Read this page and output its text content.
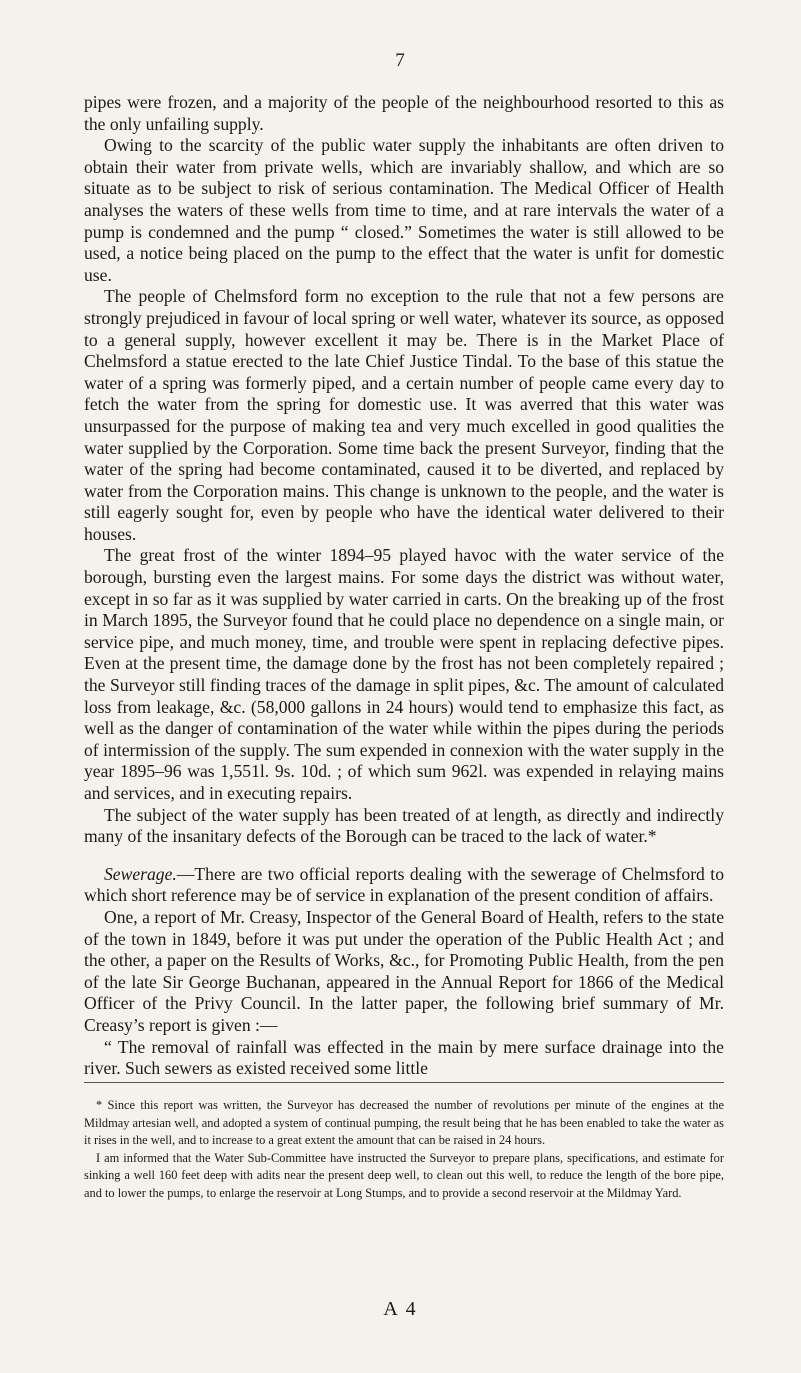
7

pipes were frozen, and a majority of the people of the neighbourhood resorted to this as the only unfailing supply.

Owing to the scarcity of the public water supply the inhabitants are often driven to obtain their water from private wells, which are invariably shallow, and which are so situate as to be subject to risk of serious contamination. The Medical Officer of Health analyses the waters of these wells from time to time, and at rare intervals the water of a pump is condemned and the pump “ closed.” Sometimes the water is still allowed to be used, a notice being placed on the pump to the effect that the water is unfit for domestic use.

The people of Chelmsford form no exception to the rule that not a few persons are strongly prejudiced in favour of local spring or well water, whatever its source, as opposed to a general supply, however excellent it may be. There is in the Market Place of Chelmsford a statue erected to the late Chief Justice Tindal. To the base of this statue the water of a spring was formerly piped, and a certain number of people came every day to fetch the water from the spring for domestic use. It was averred that this water was unsurpassed for the purpose of making tea and very much excelled in good qualities the water supplied by the Corporation. Some time back the present Surveyor, finding that the water of the spring had become contaminated, caused it to be diverted, and replaced by water from the Corporation mains. This change is unknown to the people, and the water is still eagerly sought for, even by people who have the identical water delivered to their houses.

The great frost of the winter 1894–95 played havoc with the water service of the borough, bursting even the largest mains. For some days the district was without water, except in so far as it was supplied by water carried in carts. On the breaking up of the frost in March 1895, the Surveyor found that he could place no dependence on a single main, or service pipe, and much money, time, and trouble were spent in replacing defective pipes. Even at the present time, the damage done by the frost has not been completely repaired ; the Surveyor still finding traces of the damage in split pipes, &c. The amount of calculated loss from leakage, &c. (58,000 gallons in 24 hours) would tend to emphasize this fact, as well as the danger of contamination of the water while within the pipes during the periods of intermission of the supply. The sum expended in connexion with the water supply in the year 1895–96 was 1,551l. 9s. 10d. ; of which sum 962l. was expended in relaying mains and services, and in executing repairs.

The subject of the water supply has been treated of at length, as directly and indirectly many of the insanitary defects of the Borough can be traced to the lack of water.*

Sewerage.—There are two official reports dealing with the sewerage of Chelmsford to which short reference may be of service in explanation of the present condition of affairs.

One, a report of Mr. Creasy, Inspector of the General Board of Health, refers to the state of the town in 1849, before it was put under the operation of the Public Health Act ; and the other, a paper on the Results of Works, &c., for Promoting Public Health, from the pen of the late Sir George Buchanan, appeared in the Annual Report for 1866 of the Medical Officer of the Privy Council. In the latter paper, the following brief summary of Mr. Creasy’s report is given :—

“ The removal of rainfall was effected in the main by mere surface drainage into the river. Such sewers as existed received some little

* Since this report was written, the Surveyor has decreased the number of revolutions per minute of the engines at the Mildmay artesian well, and adopted a system of continual pumping, the result being that he has been enabled to take the water as it rises in the well, and to increase to a great extent the amount that can be raised in 24 hours.

I am informed that the Water Sub-Committee have instructed the Surveyor to prepare plans, specifications, and estimate for sinking a well 160 feet deep with adits near the present deep well, to clean out this well, to reduce the length of the bore pipe, and to lower the pumps, to enlarge the reservoir at Long Stumps, and to provide a second reservoir at the Mildmay Yard.

A 4
